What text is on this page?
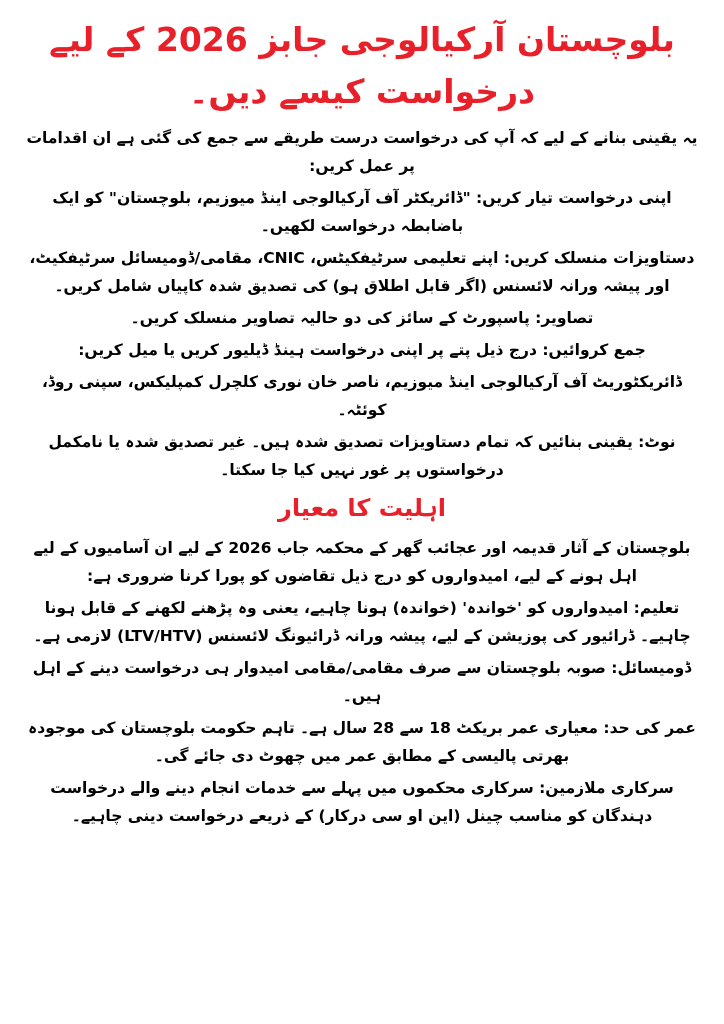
بلوچستان آرکیالوجی جابز 2026 کے لیے درخواست کیسے دیں۔

یہ یقینی بنانے کے لیے کہ آپ کی درخواست درست طریقے سے جمع کی گئی ہے ان اقدامات پر عمل کریں:

اپنی درخواست تیار کریں: "ڈائریکٹر آف آرکیالوجی اینڈ میوزیم، بلوچستان" کو ایک باضابطہ درخواست لکھیں۔

دستاویزات منسلک کریں: اپنے تعلیمی سرٹیفکیٹس، CNIC، مقامی/ڈومیسائل سرٹیفکیٹ، اور پیشہ ورانہ لائسنس (اگر قابل اطلاق ہو) کی تصدیق شدہ کاپیاں شامل کریں۔

تصاویر: پاسپورٹ کے سائز کی دو حالیہ تصاویر منسلک کریں۔

جمع کروائیں: درج ذیل پتے پر اپنی درخواست ہینڈ ڈیلیور کریں یا میل کریں:

ڈائریکٹوریٹ آف آرکیالوجی اینڈ میوزیم، ناصر خان نوری کلچرل کمپلیکس، سپنی روڈ، کوئٹہ۔

نوٹ: یقینی بنائیں کہ تمام دستاویزات تصدیق شدہ ہیں۔ غیر تصدیق شدہ یا نامکمل درخواستوں پر غور نہیں کیا جا سکتا۔

اہلیت کا معیار

بلوچستان کے آثار قدیمہ اور عجائب گھر کے محکمہ جاب 2026 کے لیے ان آسامیوں کے لیے اہل ہونے کے لیے، امیدواروں کو درج ذیل تقاضوں کو پورا کرنا ضروری ہے:

تعلیم: امیدواروں کو 'خواندہ' (خواندہ) ہونا چاہیے، یعنی وہ پڑھنے لکھنے کے قابل ہونا چاہیے۔ ڈرائیور کی پوزیشن کے لیے، پیشہ ورانہ ڈرائیونگ لائسنس (LTV/HTV) لازمی ہے۔

ڈومیسائل: صوبہ بلوچستان سے صرف مقامی/مقامی امیدوار ہی درخواست دینے کے اہل ہیں۔

عمر کی حد: معیاری عمر بریکٹ 18 سے 28 سال ہے۔ تاہم حکومت بلوچستان کی موجودہ بھرتی پالیسی کے مطابق عمر میں چھوٹ دی جائے گی۔

سرکاری ملازمین: سرکاری محکموں میں پہلے سے خدمات انجام دینے والے درخواست دہندگان کو مناسب چینل (این او سی درکار) کے ذریعے درخواست دینی چاہیے۔
